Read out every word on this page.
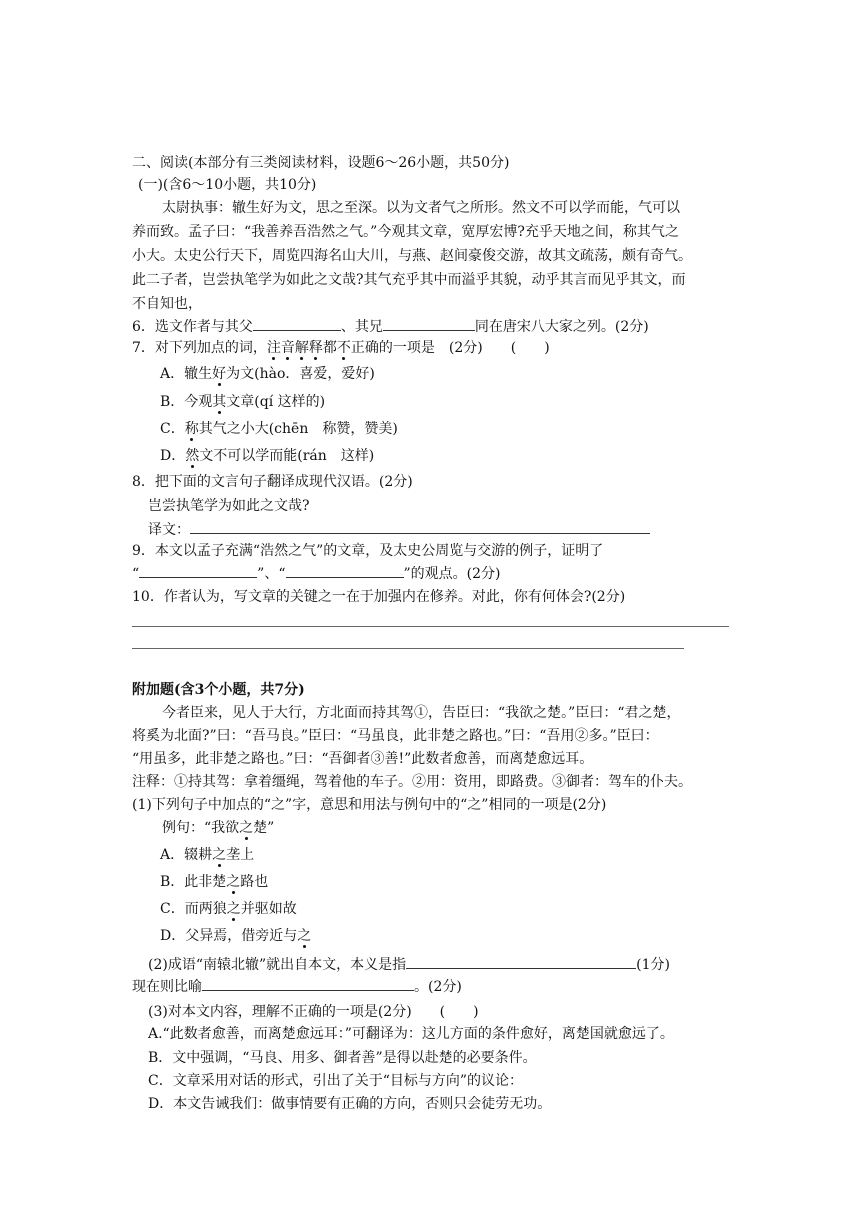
二、阅读(本部分有三类阅读材料，设题6～26小题，共50分)
(一)(含6～10小题，共10分)
太尉执事：辙生好为文，思之至深。以为文者气之所形。然文不可以学而能，气可以
养而致。孟子曰：“我善养吾浩然之气。”今观其文章，宽厚宏博?充乎天地之间，称其气之
小大。太史公行天下，周览四海名山大川，与燕、赵间豪俊交游，故其文疏荡，颇有奇气。
此二子者，岂尝执笔学为如此之文哉?其气充乎其中而溢乎其貌，动乎其言而见乎其文，而
不自知也，
6．选文作者与其父	、其兄	同在唐宋八大家之列。(2分)
7．对下列加点的词，注音解释都不正确的一项是　(2分)　　(　　)
A．辙生好为文(hào．喜爱，爱好)
B．今观其文章(qí 这样的)
C．称其气之小大(chēn　称赞，赞美)
D．然文不可以学而能(rán　这样)
8．把下面的文言句子翻译成现代汉语。(2分)
岂尝执笔学为如此之文哉?
译文：
9．本文以孟子充满“浩然之气”的文章，及太史公周览与交游的例子，证明了
“	”、“	”的观点。(2分)
10．作者认为，写文章的关键之一在于加强内在修养。对此，你有何体会?(2分)
附加题(含3个小题，共7分)
今者臣来，见人于大行，方北面而持其驾①，告臣曰：“我欲之楚。”臣曰：“君之楚，
将奚为北面?”曰：“吾马良。”臣曰：“马虽良，此非楚之路也。”曰：“吾用②多。”臣曰：
“用虽多，此非楚之路也。”曰：“吾御者③善!”此数者愈善，而离楚愈远耳。
注释：①持其驾：拿着缰绳，驾着他的车子。②用：资用，即路费。③御者：驾车的仆夫。
(1)下列句子中加点的“之”字，意思和用法与例句中的“之”相同的一项是(2分)
例句：“我欲之楚”
A．辍耕之垄上
B．此非楚之路也
C．而两狼之并驱如故
D．父异焉，借旁近与之
(2)成语“南辕北辙”就出自本文，本义是指	(1分)
现在则比喻	。(2分)
(3)对本文内容，理解不正确的一项是(2分)　　(　　)
A.“此数者愈善，而离楚愈远耳：”可翻译为：这儿方面的条件愈好，离楚国就愈远了。
B．文中强调，“马良、用多、御者善”是得以赴楚的必要条件。
C．文章采用对话的形式，引出了关于“目标与方向”的议论：
D．本文告诫我们：做事情要有正确的方向，否则只会徒劳无功。
